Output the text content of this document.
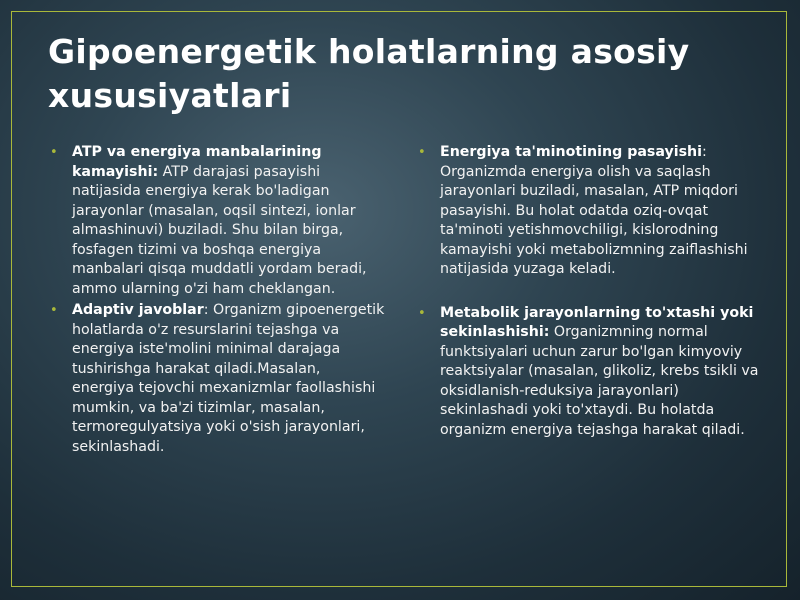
Gipoenergetik holatlarning asosiy xususiyatlari
• ATP va energiya manbalarining kamayishi: ATP darajasi pasayishi natijasida energiya kerak bo'ladigan jarayonlar (masalan, oqsil sintezi, ionlar almashinuvi) buziladi. Shu bilan birga, fosfagen tizimi va boshqa energiya manbalari qisqa muddatli yordam beradi, ammo ularning o'zi ham cheklangan.
• Adaptiv javoblar: Organizm gipoenergetik holatlarda o'z resurslarini tejashga va energiya iste'molini minimal darajaga tushirishga harakat qiladi.Masalan, energiya tejovchi mexanizmlar faollashishi mumkin, va ba'zi tizimlar, masalan, termoregulyatsiya yoki o'sish jarayonlari, sekinlashadi.
• Energiya ta'minotining pasayishi: Organizmda energiya olish va saqlash jarayonlari buziladi, masalan, ATP miqdori pasayishi. Bu holat odatda oziq-ovqat ta'minoti yetishmovchiligi, kislorodning kamayishi yoki metabolizmning zaiflashishi natijasida yuzaga keladi.
• Metabolik jarayonlarning to'xtashi yoki sekinlashishi: Organizmning normal funktsiyalari uchun zarur bo'lgan kimyoviy reaktsiyalar (masalan, glikoliz, krebs tsikli va oksidlanish-reduksiya jarayonlari) sekinlashadi yoki to'xtaydi. Bu holatda organizm energiya tejashga harakat qiladi.
